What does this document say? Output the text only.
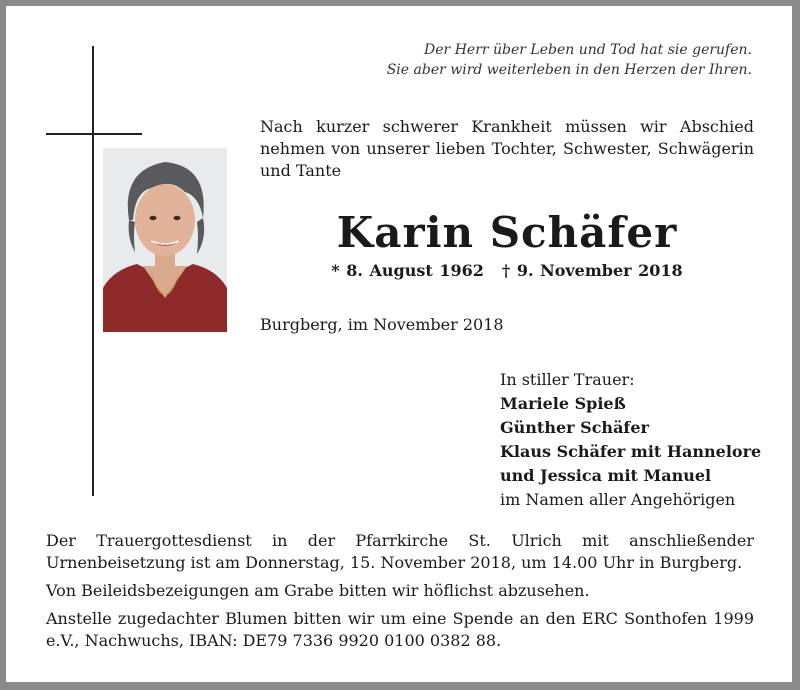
Der Herr über Leben und Tod hat sie gerufen.
Sie aber wird weiterleben in den Herzen der Ihren.
Nach kurzer schwerer Krankheit müssen wir Abschied nehmen von unserer lieben Tochter, Schwester, Schwägerin und Tante
Karin Schäfer
* 8. August 1962 † 9. November 2018
Burgberg, im November 2018
In stiller Trauer:
Mariele Spieß
Günther Schäfer
Klaus Schäfer mit Hannelore
und Jessica mit Manuel
im Namen aller Angehörigen

Der Trauergottesdienst in der Pfarrkirche St. Ulrich mit anschließender Urnenbeisetzung ist am Donnerstag, 15. November 2018, um 14.00 Uhr in Burgberg.

Von Beileidsbezeigungen am Grabe bitten wir höflichst abzusehen.

Anstelle zugedachter Blumen bitten wir um eine Spende an den ERC Sonthofen 1999 e.V., Nachwuchs, IBAN: DE79 7336 9920 0100 0382 88.
